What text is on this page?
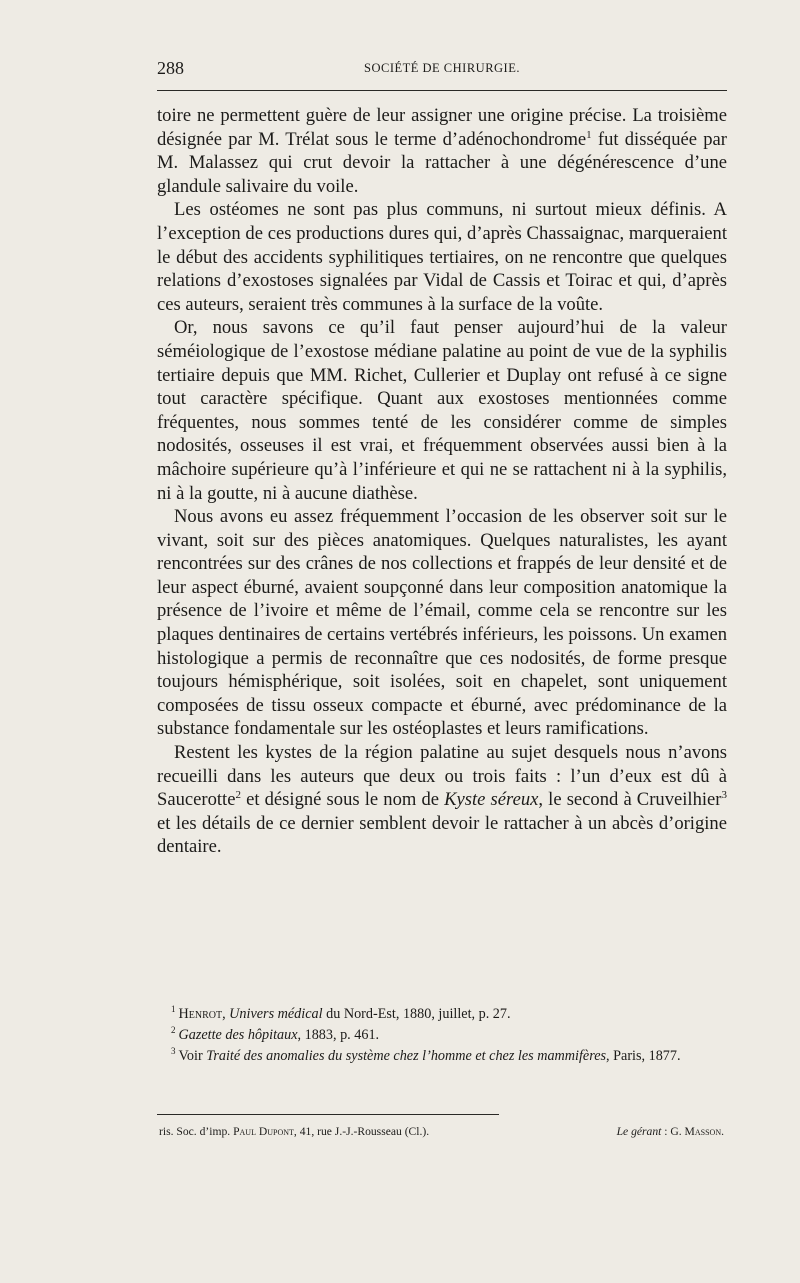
288	SOCIÉTÉ DE CHIRURGIE.

toire ne permettent guère de leur assigner une origine précise. La troisième désignée par M. Trélat sous le terme d’adénochondrome$^1$ fut disséquée par M. Malassez qui crut devoir la rattacher à une dégénérescence d’une glandule salivaire du voile.

Les ostéomes ne sont pas plus communs, ni surtout mieux définis. A l’exception de ces productions dures qui, d’après Chassaignac, marqueraient le début des accidents syphilitiques tertiaires, on ne rencontre que quelques relations d’exostoses signalées par Vidal de Cassis et Toirac et qui, d’après ces auteurs, seraient très communes à la surface de la voûte.

Or, nous savons ce qu’il faut penser aujourd’hui de la valeur séméiologique de l’exostose médiane palatine au point de vue de la syphilis tertiaire depuis que MM. Richet, Cullerier et Duplay ont refusé à ce signe tout caractère spécifique. Quant aux exostoses mentionnées comme fréquentes, nous sommes tenté de les considérer comme de simples nodosités, osseuses il est vrai, et fréquemment observées aussi bien à la mâchoire supérieure qu’à l’inférieure et qui ne se rattachent ni à la syphilis, ni à la goutte, ni à aucune diathèse.

Nous avons eu assez fréquemment l’occasion de les observer soit sur le vivant, soit sur des pièces anatomiques. Quelques naturalistes, les ayant rencontrées sur des crânes de nos collections et frappés de leur densité et de leur aspect éburné, avaient soupçonné dans leur composition anatomique la présence de l’ivoire et même de l’émail, comme cela se rencontre sur les plaques dentinaires de certains vertébrés inférieurs, les poissons. Un examen histologique a permis de reconnaître que ces nodosités, de forme presque toujours hémisphérique, soit isolées, soit en chapelet, sont uniquement composées de tissu osseux compacte et éburné, avec prédominance de la substance fondamentale sur les ostéoplastes et leurs ramifications.

Restent les kystes de la région palatine au sujet desquels nous n’avons recueilli dans les auteurs que deux ou trois faits : l’un d’eux est dû à Saucerotte$^2$ et désigné sous le nom de Kyste séreux, le second à Cruveilhier$^3$ et les détails de ce dernier semblent devoir le rattacher à un abcès d’origine dentaire.

$^1$ Henrot, Univers médical du Nord-Est, 1880, juillet, p. 27.

$^2$ Gazette des hôpitaux, 1883, p. 461.

$^3$ Voir Traité des anomalies du système chez l’homme et chez les mammifères, Paris, 1877.

ris. Soc. d’imp. Paul Dupont, 41, rue J.-J.-Rousseau (Cl.).	Le gérant : G. Masson.
